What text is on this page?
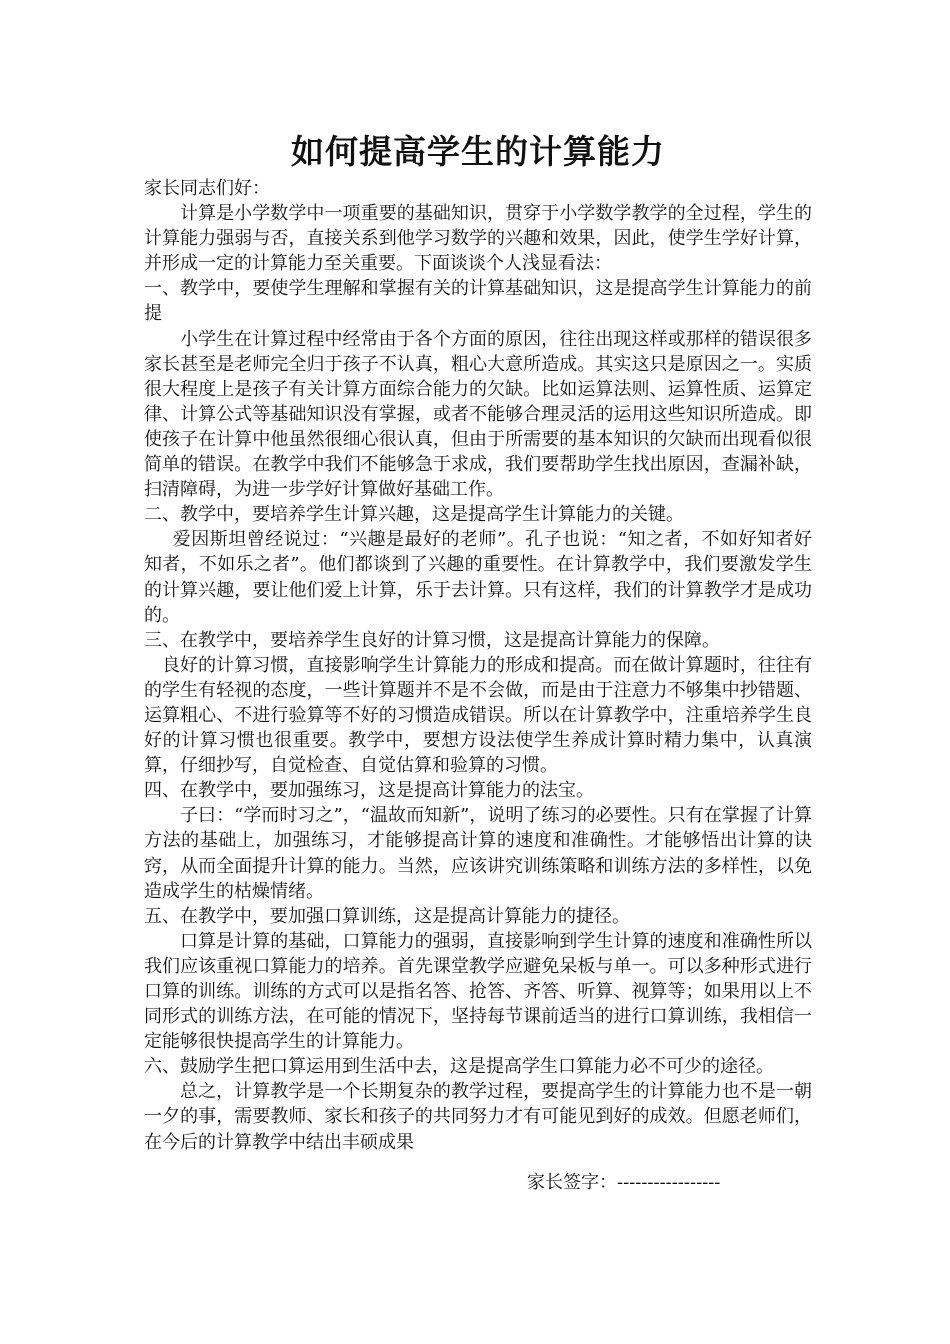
如何提高学生的计算能力

家长同志们好：

计算是小学数学中一项重要的基础知识，贯穿于小学数学教学的全过程，学生的计算能力强弱与否，直接关系到他学习数学的兴趣和效果，因此，使学生学好计算，并形成一定的计算能力至关重要。下面谈谈个人浅显看法：

一、教学中，要使学生理解和掌握有关的计算基础知识，这是提高学生计算能力的前提

小学生在计算过程中经常由于各个方面的原因，往往出现这样或那样的错误很多家长甚至是老师完全归于孩子不认真，粗心大意所造成。其实这只是原因之一。实质很大程度上是孩子有关计算方面综合能力的欠缺。比如运算法则、运算性质、运算定律、计算公式等基础知识没有掌握，或者不能够合理灵活的运用这些知识所造成。即使孩子在计算中他虽然很细心很认真，但由于所需要的基本知识的欠缺而出现看似很简单的错误。在教学中我们不能够急于求成，我们要帮助学生找出原因，查漏补缺，扫清障碍，为进一步学好计算做好基础工作。

二、教学中，要培养学生计算兴趣，这是提高学生计算能力的关键。

爱因斯坦曾经说过：“兴趣是最好的老师”。孔子也说：“知之者，不如好知者好知者，不如乐之者”。他们都谈到了兴趣的重要性。在计算教学中，我们要激发学生的计算兴趣，要让他们爱上计算，乐于去计算。只有这样，我们的计算教学才是成功的。

三、在教学中，要培养学生良好的计算习惯，这是提高计算能力的保障。

良好的计算习惯，直接影响学生计算能力的形成和提高。而在做计算题时，往往有的学生有轻视的态度，一些计算题并不是不会做，而是由于注意力不够集中抄错题、运算粗心、不进行验算等不好的习惯造成错误。所以在计算教学中，注重培养学生良好的计算习惯也很重要。教学中，要想方设法使学生养成计算时精力集中，认真演算，仔细抄写，自觉检查、自觉估算和验算的习惯。

四、在教学中，要加强练习，这是提高计算能力的法宝。

子曰：“学而时习之”，“温故而知新”，说明了练习的必要性。只有在掌握了计算方法的基础上，加强练习，才能够提高计算的速度和准确性。才能够悟出计算的诀窍，从而全面提升计算的能力。当然，应该讲究训练策略和训练方法的多样性，以免造成学生的枯燥情绪。

五、在教学中，要加强口算训练，这是提高计算能力的捷径。

口算是计算的基础，口算能力的强弱，直接影响到学生计算的速度和准确性所以我们应该重视口算能力的培养。首先课堂教学应避免呆板与单一。可以多种形式进行口算的训练。训练的方式可以是指名答、抢答、齐答、听算、视算等；如果用以上不同形式的训练方法，在可能的情况下，坚持每节课前适当的进行口算训练，我相信一定能够很快提高学生的计算能力。

六、鼓励学生把口算运用到生活中去，这是提高学生口算能力必不可少的途径。

总之，计算教学是一个长期复杂的教学过程，要提高学生的计算能力也不是一朝一夕的事，需要教师、家长和孩子的共同努力才有可能见到好的成效。但愿老师们，在今后的计算教学中结出丰硕成果

家长签字：-----------------
